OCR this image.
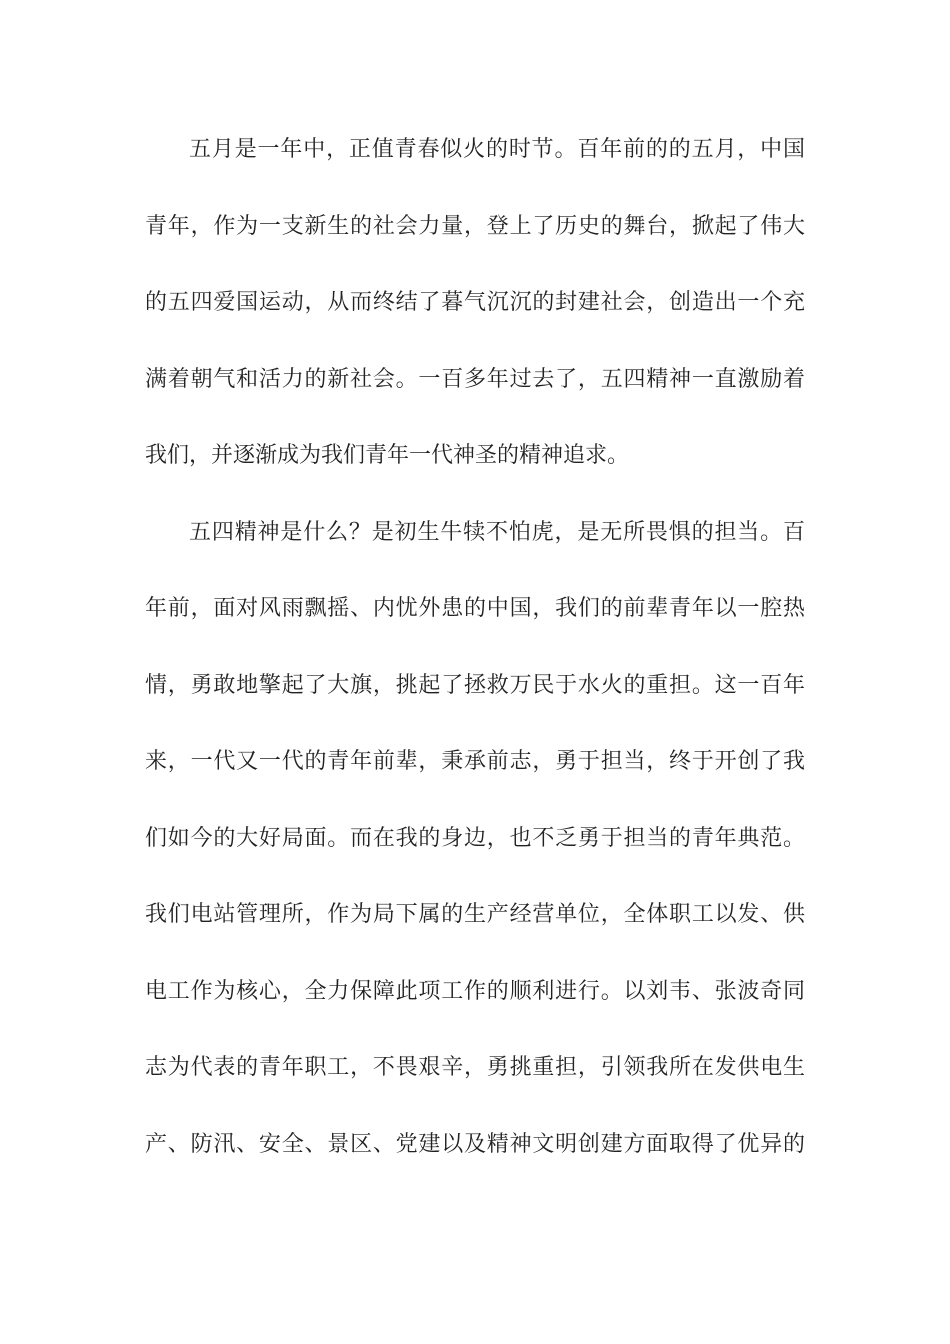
五月是一年中，正值青春似火的时节。百年前的的五月，中国
青年，作为一支新生的社会力量，登上了历史的舞台，掀起了伟大
的五四爱国运动，从而终结了暮气沉沉的封建社会，创造出一个充
满着朝气和活力的新社会。一百多年过去了，五四精神一直激励着
我们，并逐渐成为我们青年一代神圣的精神追求。
五四精神是什么？是初生牛犊不怕虎，是无所畏惧的担当。百
年前，面对风雨飘摇、内忧外患的中国，我们的前辈青年以一腔热
情，勇敢地擎起了大旗，挑起了拯救万民于水火的重担。这一百年
来，一代又一代的青年前辈，秉承前志，勇于担当，终于开创了我
们如今的大好局面。而在我的身边，也不乏勇于担当的青年典范。
我们电站管理所，作为局下属的生产经营单位，全体职工以发、供
电工作为核心，全力保障此项工作的顺利进行。以刘韦、张波奇同
志为代表的青年职工，不畏艰辛，勇挑重担，引领我所在发供电生
产、防汛、安全、景区、党建以及精神文明创建方面取得了优异的
